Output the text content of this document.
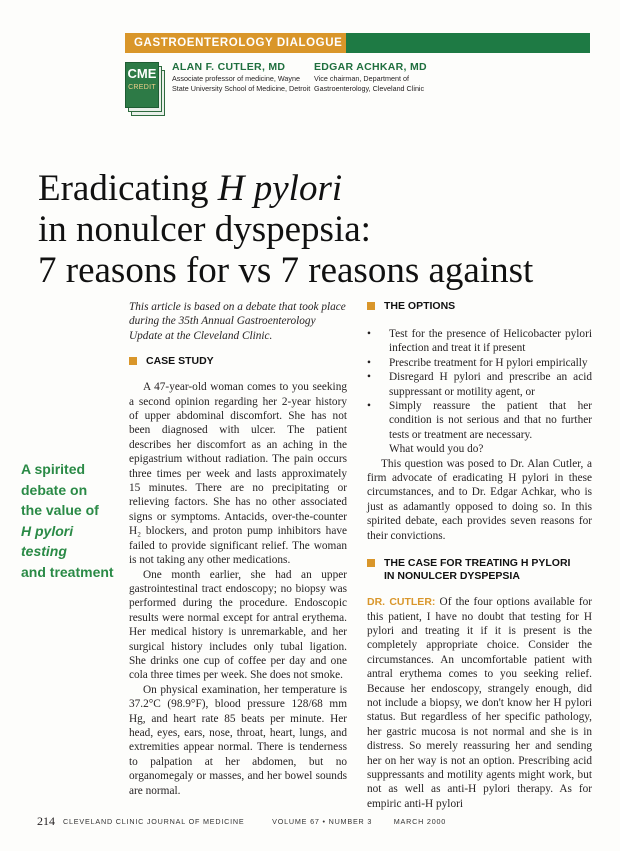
GASTROENTEROLOGY DIALOGUE
CME
CREDIT
ALAN F. CUTLER, MD
Associate professor of medicine, Wayne
State University School of Medicine, Detroit
EDGAR ACHKAR, MD
Vice chairman, Department of
Gastroenterology, Cleveland Clinic
Eradicating H pylori
in nonulcer dyspepsia:
7 reasons for vs 7 reasons against
A spirited
debate on
the value of
H pylori testing
and treatment

This article is based on a debate that took place during the 35th Annual Gastroenterology Update at the Cleveland Clinic.

CASE STUDY

A 47-year-old woman comes to you seeking a second opinion regarding her 2-year history of upper abdominal discomfort. She has not been diagnosed with ulcer. The patient describes her discomfort as an aching in the epigastrium without radiation. The pain occurs three times per week and lasts approximately 15 minutes. There are no precipitating or relieving factors. She has no other associated signs or symptoms. Antacids, over-the-counter H₂ blockers, and proton pump inhibitors have failed to provide significant relief. The woman is not taking any other medications.

One month earlier, she had an upper gastrointestinal tract endoscopy; no biopsy was performed during the procedure. Endoscopic results were normal except for antral erythema. Her medical history is unremarkable, and her surgical history includes only tubal ligation. She drinks one cup of coffee per day and one cola three times per week. She does not smoke.

On physical examination, her temperature is 37.2°C (98.9°F), blood pressure 128/68 mm Hg, and heart rate 85 beats per minute. Her head, eyes, ears, nose, throat, heart, lungs, and extremities appear normal. There is tenderness to palpation at her abdomen, but no organomegaly or masses, and her bowel sounds are normal.

THE OPTIONS
• Test for the presence of Helicobacter pylori infection and treat it if present
• Prescribe treatment for H pylori empirically
• Disregard H pylori and prescribe an acid suppressant or motility agent, or
• Simply reassure the patient that her condition is not serious and that no further tests or treatment are necessary.

What would you do?

This question was posed to Dr. Alan Cutler, a firm advocate of eradicating H pylori in these circumstances, and to Dr. Edgar Achkar, who is just as adamantly opposed to doing so. In this spirited debate, each provides seven reasons for their convictions.

THE CASE FOR TREATING H PYLORI
IN NONULCER DYSPEPSIA

DR. CUTLER: Of the four options available for this patient, I have no doubt that testing for H pylori and treating it if it is present is the completely appropriate choice. Consider the circumstances. An uncomfortable patient with antral erythema comes to you seeking relief. Because her endoscopy, strangely enough, did not include a biopsy, we don't know her H pylori status. But regardless of her specific pathology, her gastric mucosa is not normal and she is in distress. So merely reassuring her and sending her on her way is not an option. Prescribing acid suppressants and motility agents might work, but not as well as anti-H pylori therapy. As for empiric anti-H pylori

214 CLEVELAND CLINIC JOURNAL OF MEDICINE	VOLUME 67 • NUMBER 3	MARCH 2000
